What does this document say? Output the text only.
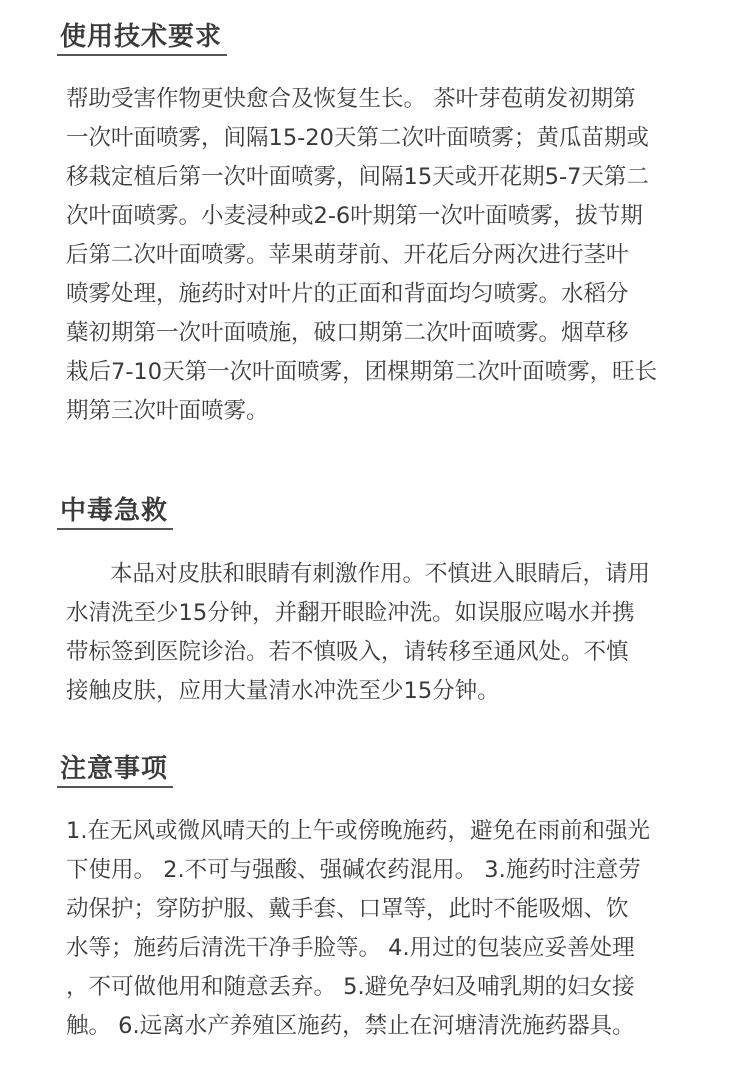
使用技术要求

帮助受害作物更快愈合及恢复生长。 茶叶芽苞萌发初期第
一次叶面喷雾，间隔15-20天第二次叶面喷雾；黄瓜苗期或
移栽定植后第一次叶面喷雾，间隔15天或开花期5-7天第二
次叶面喷雾。小麦浸种或2-6叶期第一次叶面喷雾，拔节期
后第二次叶面喷雾。苹果萌芽前、开花后分两次进行茎叶
喷雾处理，施药时对叶片的正面和背面均匀喷雾。水稻分
蘖初期第一次叶面喷施，破口期第二次叶面喷雾。烟草移
栽后7-10天第一次叶面喷雾，团棵期第二次叶面喷雾，旺长
期第三次叶面喷雾。

中毒急救

本品对皮肤和眼睛有刺激作用。不慎进入眼睛后，请用
水清洗至少15分钟，并翻开眼睑冲洗。如误服应喝水并携
带标签到医院诊治。若不慎吸入，请转移至通风处。不慎
接触皮肤，应用大量清水冲洗至少15分钟。

注意事项

1.在无风或微风晴天的上午或傍晚施药，避免在雨前和强光
下使用。 2.不可与强酸、强碱农药混用。 3.施药时注意劳
动保护；穿防护服、戴手套、口罩等，此时不能吸烟、饮
水等；施药后清洗干净手脸等。 4.用过的包装应妥善处理
，不可做他用和随意丢弃。 5.避免孕妇及哺乳期的妇女接
触。 6.远离水产养殖区施药，禁止在河塘清洗施药器具。
